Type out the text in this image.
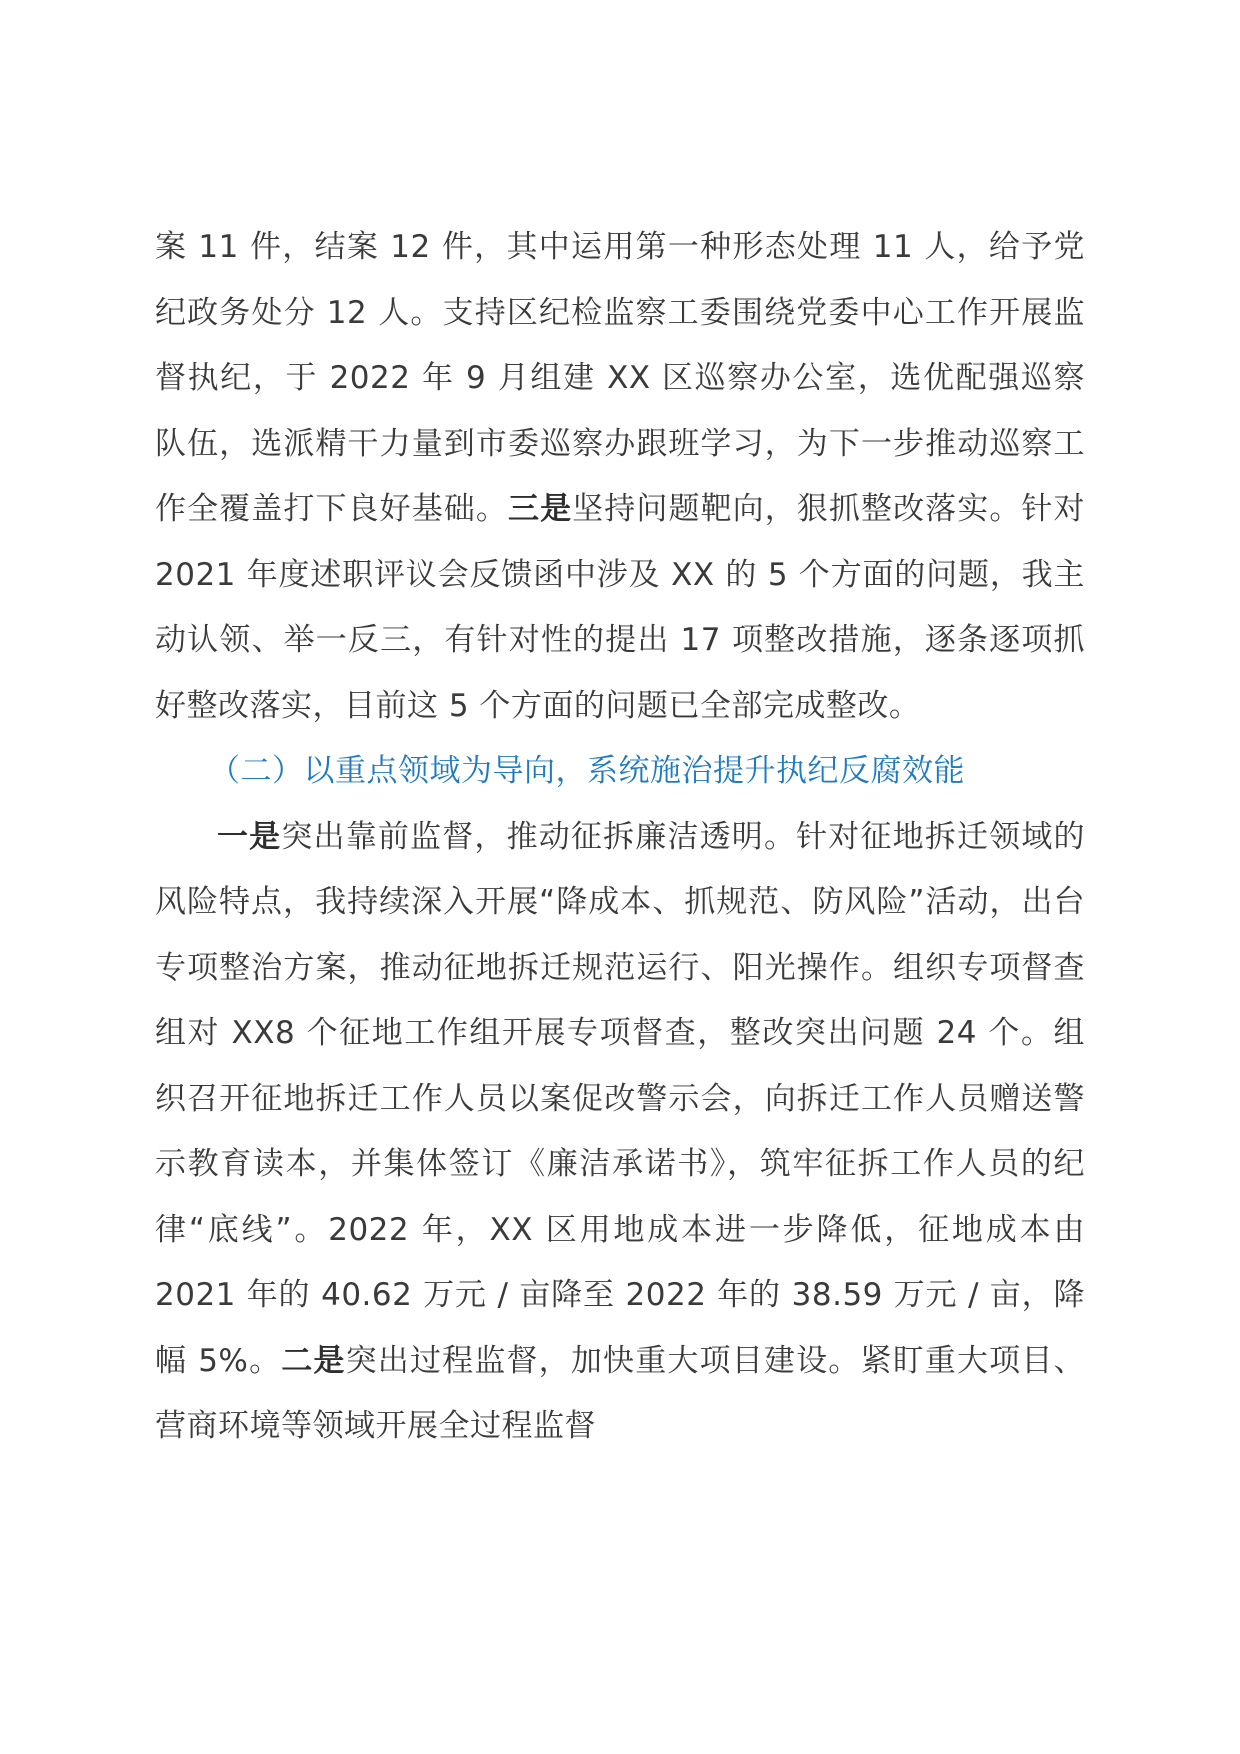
案 11 件，结案 12 件，其中运用第一种形态处理 11 人，给予党纪政务处分 12 人。支持区纪检监察工委围绕党委中心工作开展监督执纪，于 2022 年 9 月组建 XX 区巡察办公室，选优配强巡察队伍，选派精干力量到市委巡察办跟班学习，为下一步推动巡察工作全覆盖打下良好基础。三是坚持问题靶向，狠抓整改落实。针对 2021 年度述职评议会反馈函中涉及 XX 的 5 个方面的问题，我主动认领、举一反三，有针对性的提出 17 项整改措施，逐条逐项抓好整改落实，目前这 5 个方面的问题已全部完成整改。

（二）以重点领域为导向，系统施治提升执纪反腐效能

一是突出靠前监督，推动征拆廉洁透明。针对征地拆迁领域的风险特点，我持续深入开展“降成本、抓规范、防风险”活动，出台专项整治方案，推动征地拆迁规范运行、阳光操作。组织专项督查组对 XX8 个征地工作组开展专项督查，整改突出问题 24 个。组织召开征地拆迁工作人员以案促改警示会，向拆迁工作人员赠送警示教育读本，并集体签订《廉洁承诺书》，筑牢征拆工作人员的纪律“底线”。2022 年，XX 区用地成本进一步降低，征地成本由 2021 年的 40.62 万元 / 亩降至 2022 年的 38.59 万元 / 亩，降幅 5%。二是突出过程监督，加快重大项目建设。紧盯重大项目、营商环境等领域开展全过程监督
